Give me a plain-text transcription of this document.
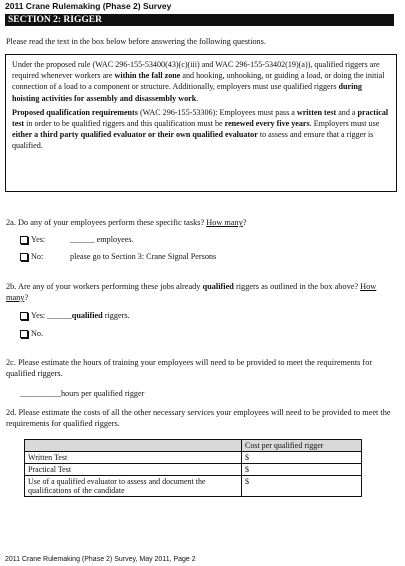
2011 Crane Rulemaking (Phase 2) Survey
SECTION 2: RIGGER
Please read the text in the box below before answering the following questions.

Under the proposed rule (WAC 296-155-53400(43)(c)(iii) and WAC 296-155-53402(19)(a)), qualified riggers are required whenever workers are within the fall zone and hooking, unhooking, or guiding a load, or doing the initial connection of a load to a component or structure. Additionally, employers must use qualified riggers during hoisting activities for assembly and disassembly work.

Proposed qualification requirements (WAC 296-155-53306): Employees must pass a written test and a practical test in order to be qualified riggers and this qualification must be renewed every five years. Employers must use either a third party qualified evaluator or their own qualified evaluator to assess and ensure that a rigger is qualified.

2a. Do any of your employees perform these specific tasks? How many?
Yes:	______ employees.
No:	please go to Section 3: Crane Signal Persons
2b. Are any of your workers performing these jobs already qualified riggers as outlined in the box above? How many?
Yes: ______qualified riggers.
No.
2c. Please estimate the hours of training your employees will need to be provided to meet the requirements for qualified riggers.
__________hours per qualified rigger
2d. Please estimate the costs of all the other necessary services your employees will need to be provided to meet the requirements for qualified riggers.
	Cost per qualified rigger
Written Test	$
Practical Test	$
Use of a qualified evaluator to assess and document the qualifications of the candidate	$
2011 Crane Rulemaking (Phase 2) Survey, May 2011, Page 2
